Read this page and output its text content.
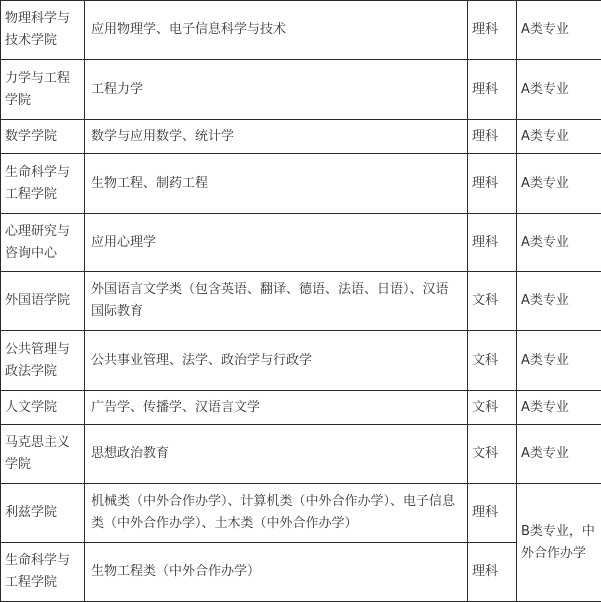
物理科学与技术学院	应用物理学、电子信息科学与技术	理科	A类专业
力学与工程学院	工程力学	理科	A类专业
数学学院	数学与应用数学、统计学	理科	A类专业
生命科学与工程学院	生物工程、制药工程	理科	A类专业
心理研究与咨询中心	应用心理学	理科	A类专业
外国语学院	外国语言文学类（包含英语、翻译、德语、法语、日语）、汉语国际教育	文科	A类专业
公共管理与政法学院	公共事业管理、法学、政治学与行政学	文科	A类专业
人文学院	广告学、传播学、汉语言文学	文科	A类专业
马克思主义学院	思想政治教育	文科	A类专业
利兹学院	机械类（中外合作办学）、计算机类（中外合作办学）、电子信息类（中外合作办学）、土木类（中外合作办学）	理科	B类专业，中外合作办学
生命科学与工程学院	生物工程类（中外合作办学）	理科	
